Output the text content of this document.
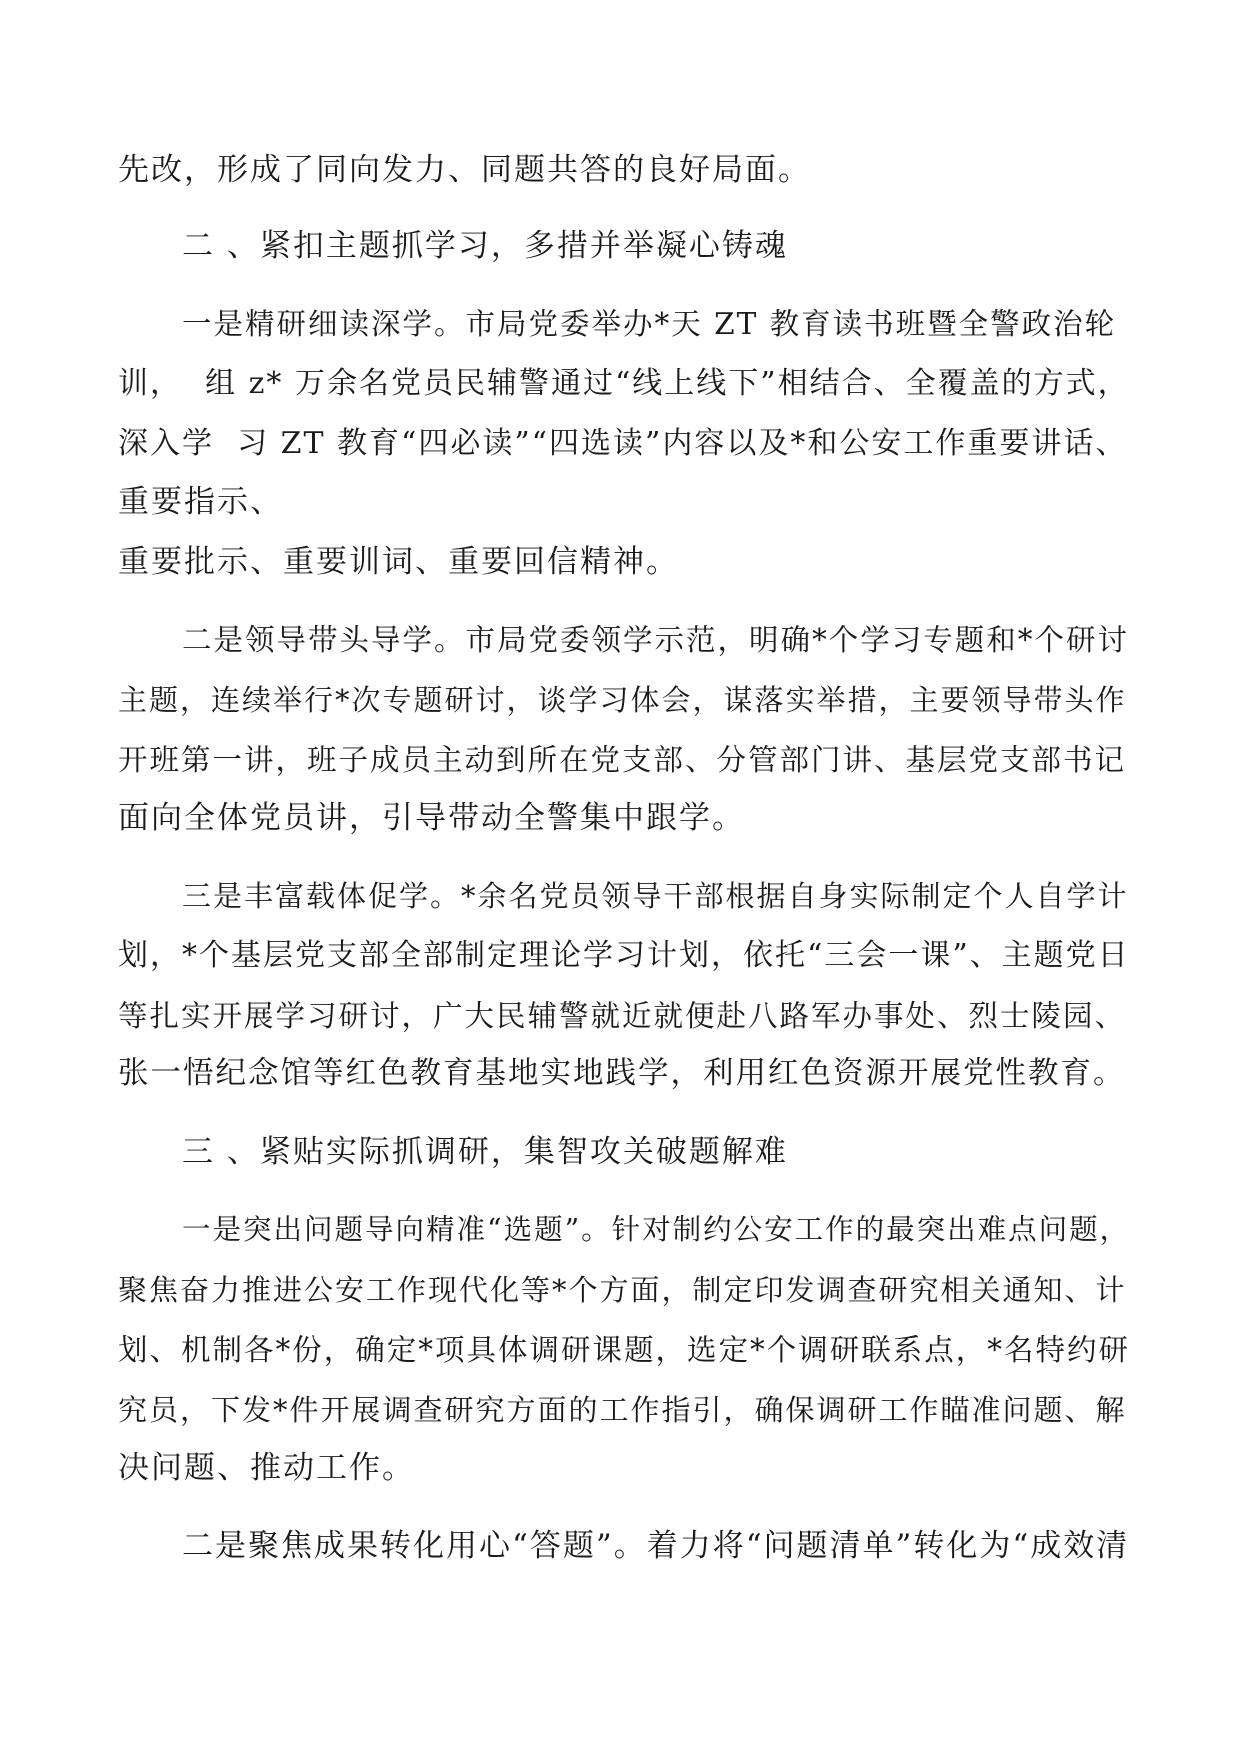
先改，形成了同向发力、同题共答的良好局面。
二 、紧扣主题抓学习，多措并举凝心铸魂
一是精研细读深学。市局党委举办*天 ZT 教育读书班暨全警政治轮
训，  组 z* 万余名党员民辅警通过“线上线下”相结合、全覆盖的方式，
深入学  习 ZT 教育“四必读”“四选读”内容以及*和公安工作重要讲话、
重要指示、
重要批示、重要训词、重要回信精神。
二是领导带头导学。市局党委领学示范，明确*个学习专题和*个研讨
主题，连续举行*次专题研讨，谈学习体会，谋落实举措，主要领导带头作
开班第一讲，班子成员主动到所在党支部、分管部门讲、基层党支部书记
面向全体党员讲，引导带动全警集中跟学。
三是丰富载体促学。*余名党员领导干部根据自身实际制定个人自学计
划，*个基层党支部全部制定理论学习计划，依托“三会一课”、主题党日
等扎实开展学习研讨，广大民辅警就近就便赴八路军办事处、烈士陵园、
张一悟纪念馆等红色教育基地实地践学，利用红色资源开展党性教育。
三 、紧贴实际抓调研，集智攻关破题解难
一是突出问题导向精准“选题”。针对制约公安工作的最突出难点问题，
聚焦奋力推进公安工作现代化等*个方面，制定印发调查研究相关通知、计
划、机制各*份，确定*项具体调研课题，选定*个调研联系点，*名特约研
究员，下发*件开展调查研究方面的工作指引，确保调研工作瞄准问题、解
决问题、推动工作。
二是聚焦成果转化用心“答题”。着力将“问题清单”转化为“成效清
